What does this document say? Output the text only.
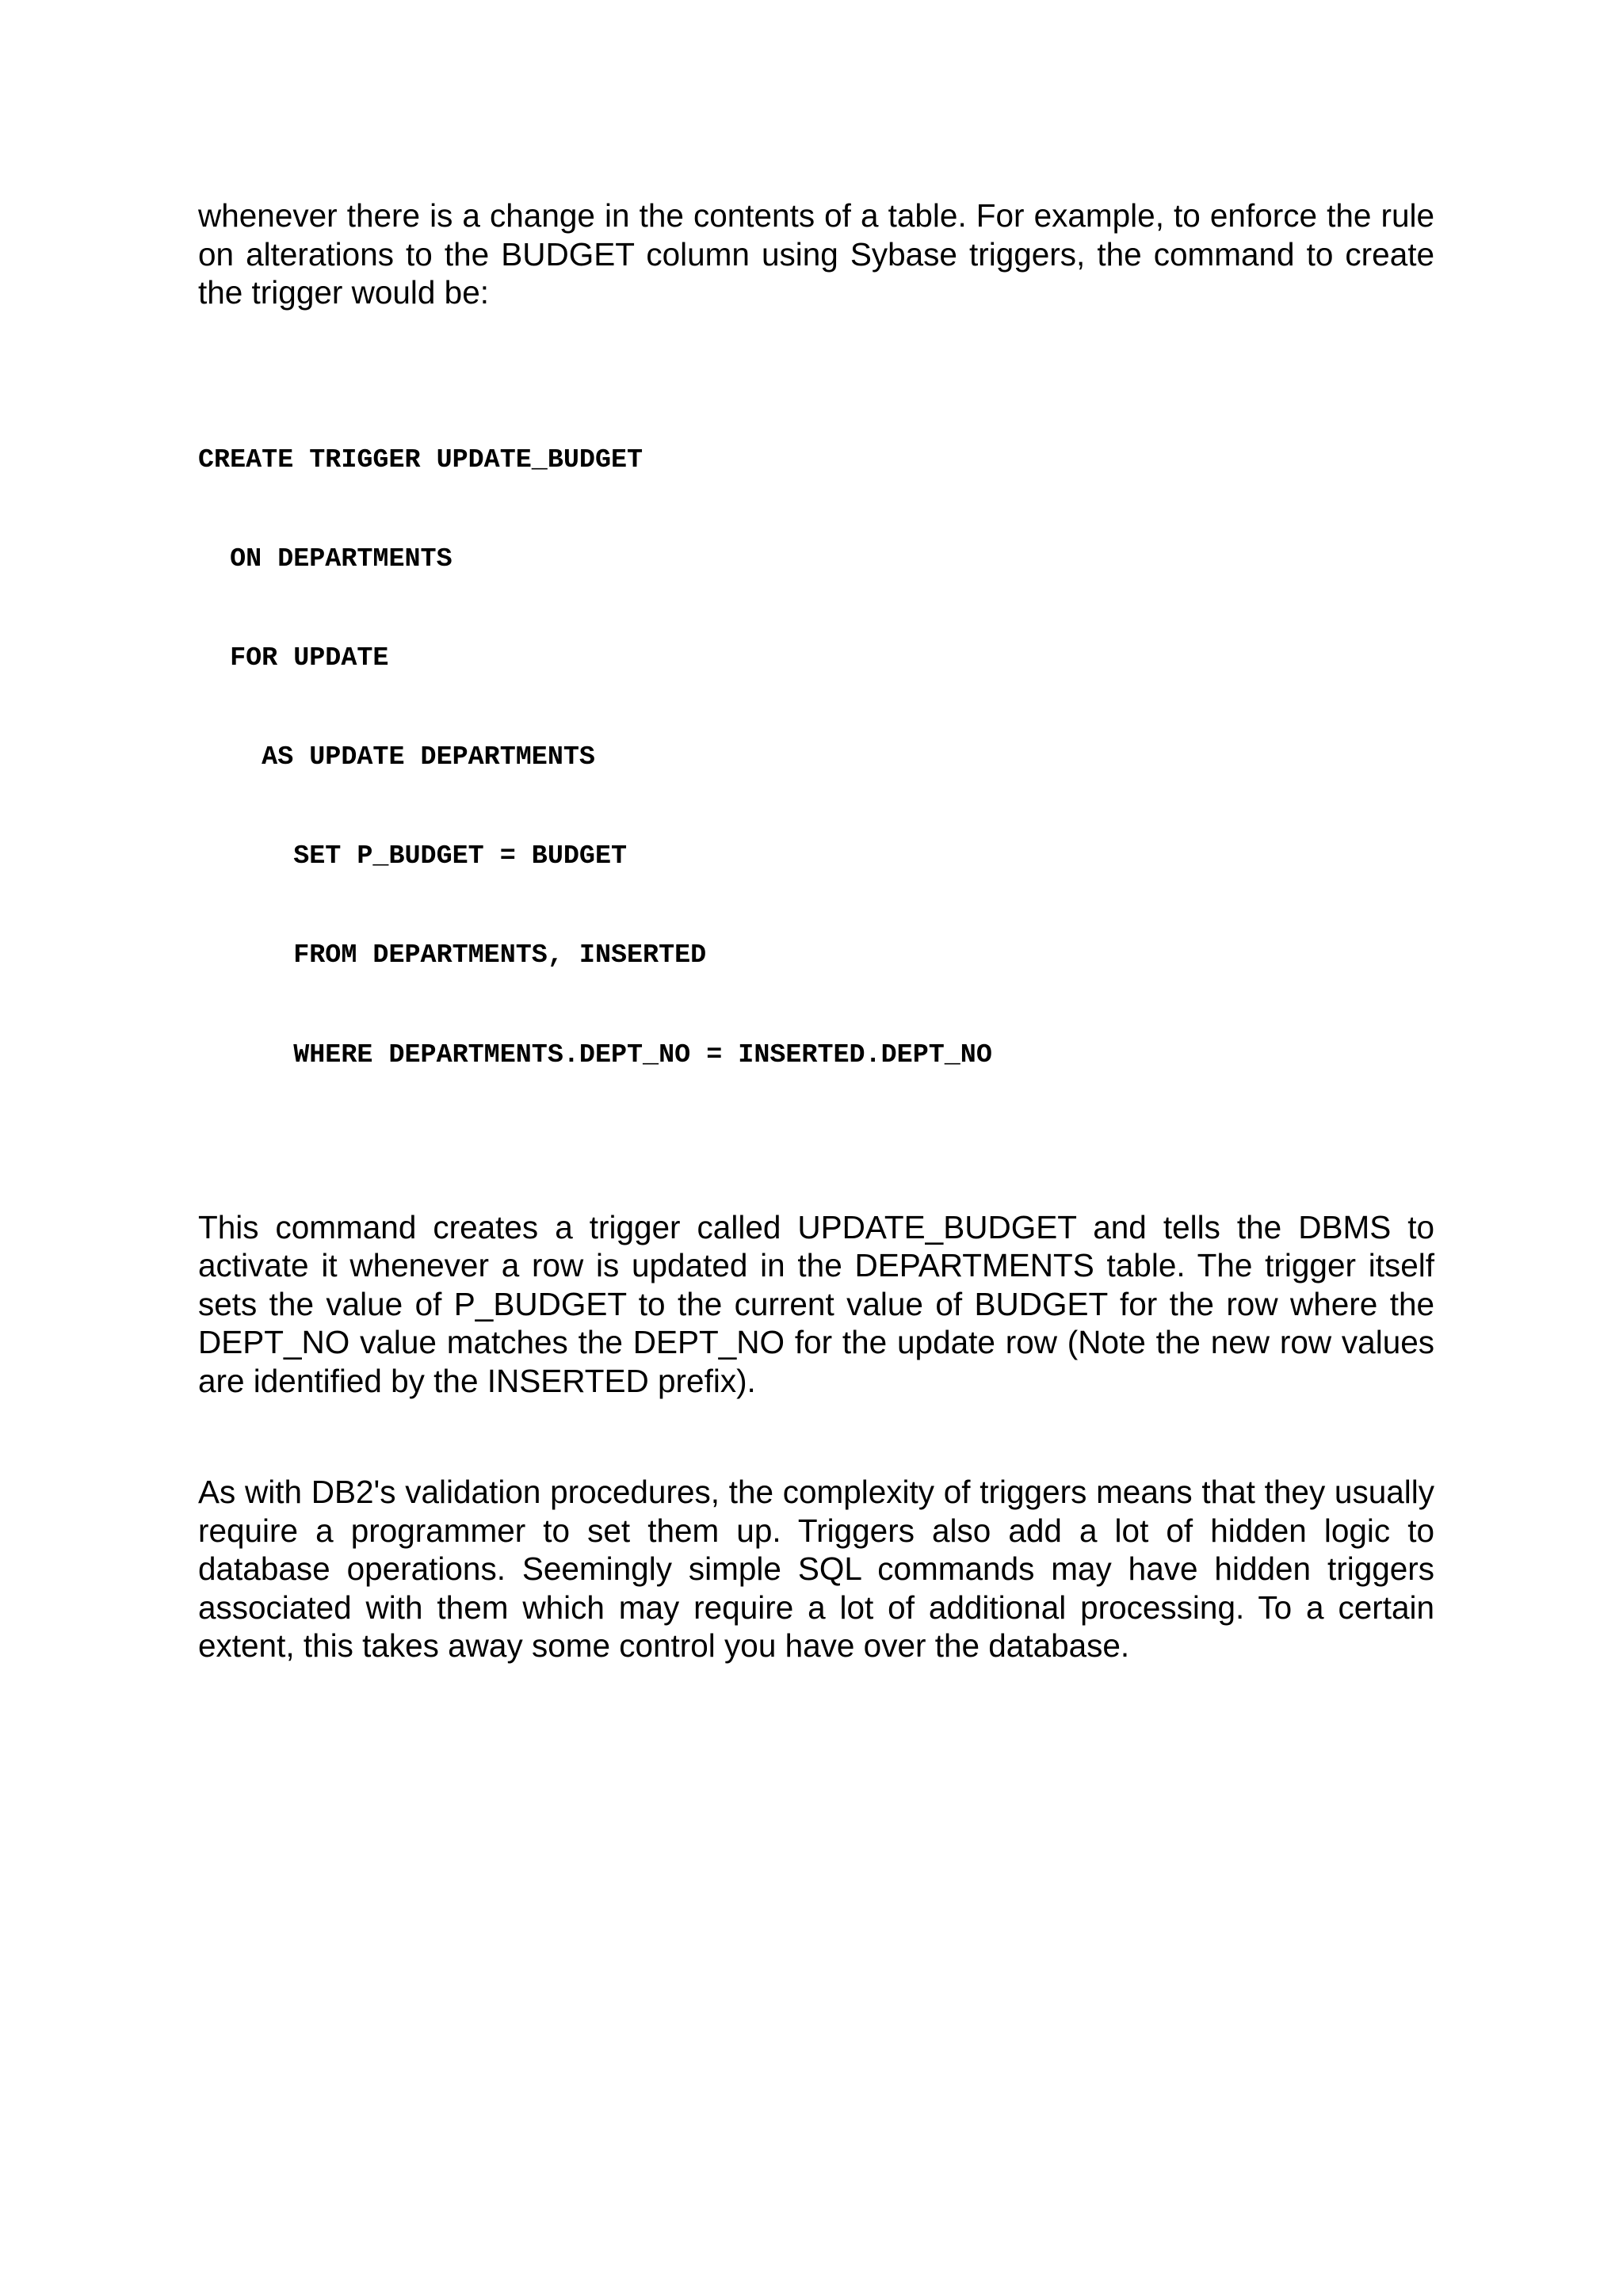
whenever there is a change in the contents of a table. For example, to enforce the rule on alterations to the BUDGET column using Sybase triggers, the command to create the trigger would be:

CREATE TRIGGER UPDATE_BUDGET

ON DEPARTMENTS

FOR UPDATE

AS UPDATE DEPARTMENTS

SET P_BUDGET = BUDGET

FROM DEPARTMENTS, INSERTED

WHERE DEPARTMENTS.DEPT_NO = INSERTED.DEPT_NO

This command creates a trigger called UPDATE_BUDGET and tells the DBMS to activate it whenever a row is updated in the DEPARTMENTS table. The trigger itself sets the value of P_BUDGET to the current value of BUDGET for the row where the DEPT_NO value matches the DEPT_NO for the update row (Note the new row values are identified by the INSERTED prefix).

As with DB2's validation procedures, the complexity of triggers means that they usually require a programmer to set them up. Triggers also add a lot of hidden logic to database operations. Seemingly simple SQL commands may have hidden triggers associated with them which may require a lot of additional processing. To a certain extent, this takes away some control you have over the database.
